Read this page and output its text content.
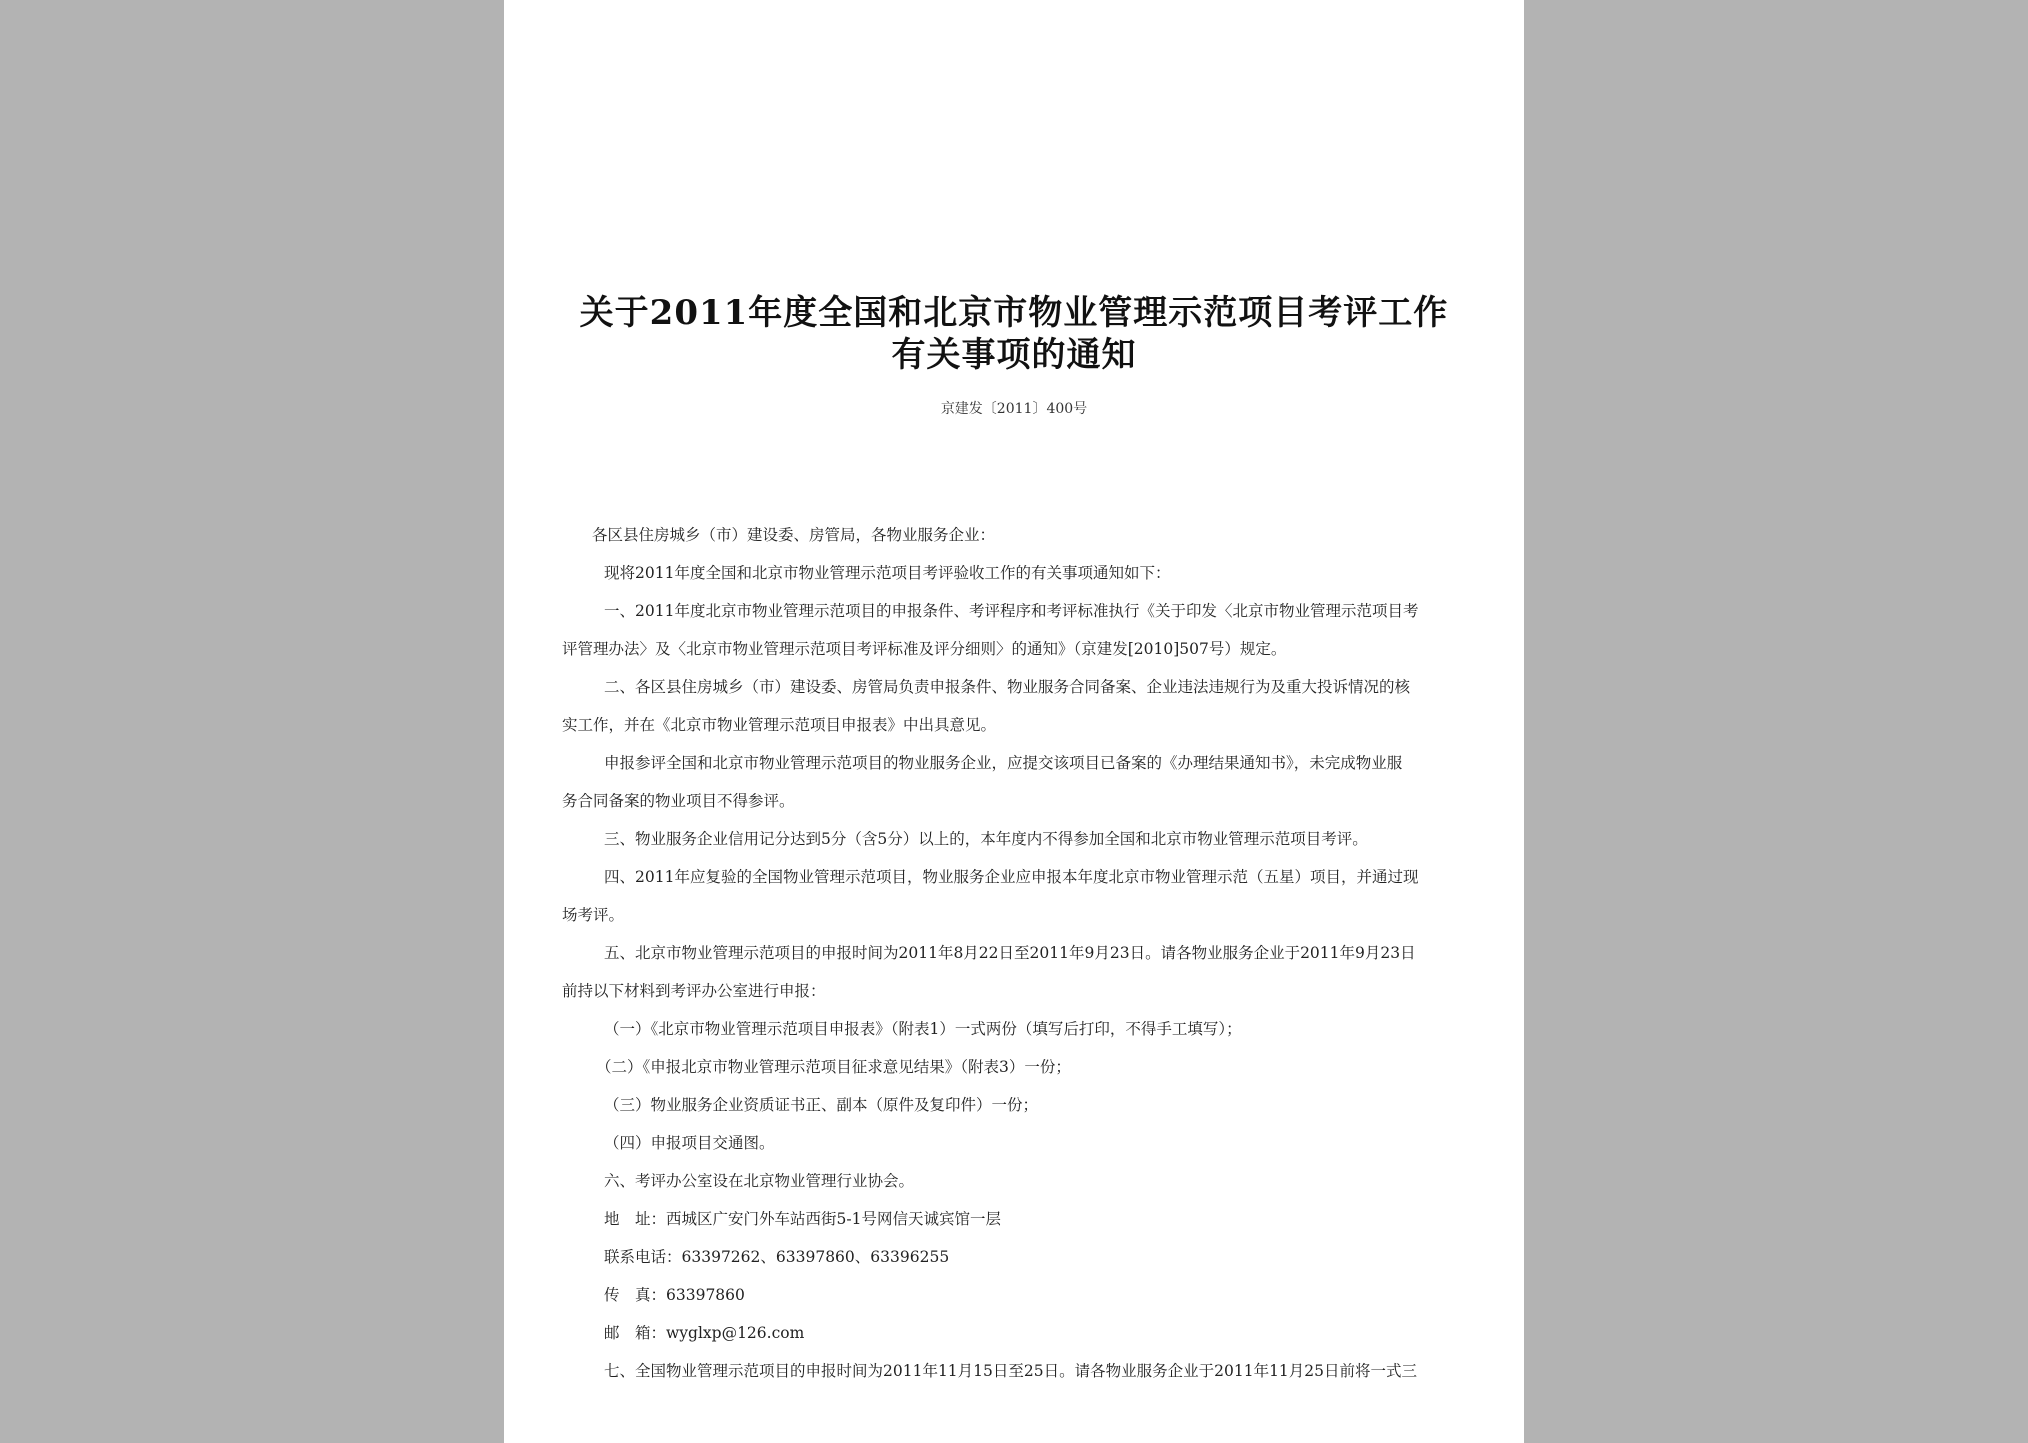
关于2011年度全国和北京市物业管理示范项目考评工作
有关事项的通知
京建发〔2011〕400号
各区县住房城乡（市）建设委、房管局，各物业服务企业：
现将2011年度全国和北京市物业管理示范项目考评验收工作的有关事项通知如下：
一、2011年度北京市物业管理示范项目的申报条件、考评程序和考评标准执行《关于印发〈北京市物业管理示范项目考
评管理办法〉及〈北京市物业管理示范项目考评标准及评分细则〉的通知》（京建发[2010]507号）规定。
二、各区县住房城乡（市）建设委、房管局负责申报条件、物业服务合同备案、企业违法违规行为及重大投诉情况的核
实工作，并在《北京市物业管理示范项目申报表》中出具意见。
申报参评全国和北京市物业管理示范项目的物业服务企业，应提交该项目已备案的《办理结果通知书》，未完成物业服
务合同备案的物业项目不得参评。
三、物业服务企业信用记分达到5分（含5分）以上的，本年度内不得参加全国和北京市物业管理示范项目考评。
四、2011年应复验的全国物业管理示范项目，物业服务企业应申报本年度北京市物业管理示范（五星）项目，并通过现
场考评。
五、北京市物业管理示范项目的申报时间为2011年8月22日至2011年9月23日。请各物业服务企业于2011年9月23日
前持以下材料到考评办公室进行申报：
（一）《北京市物业管理示范项目申报表》（附表1）一式两份（填写后打印，不得手工填写）；
（二）《申报北京市物业管理示范项目征求意见结果》（附表3）一份；
（三）物业服务企业资质证书正、副本（原件及复印件）一份；
（四）申报项目交通图。
六、考评办公室设在北京物业管理行业协会。
地　址：西城区广安门外车站西街5-1号网信天诚宾馆一层
联系电话：63397262、63397860、63396255
传　真：63397860
邮　箱：wyglxp@126.com
七、全国物业管理示范项目的申报时间为2011年11月15日至25日。请各物业服务企业于2011年11月25日前将一式三
